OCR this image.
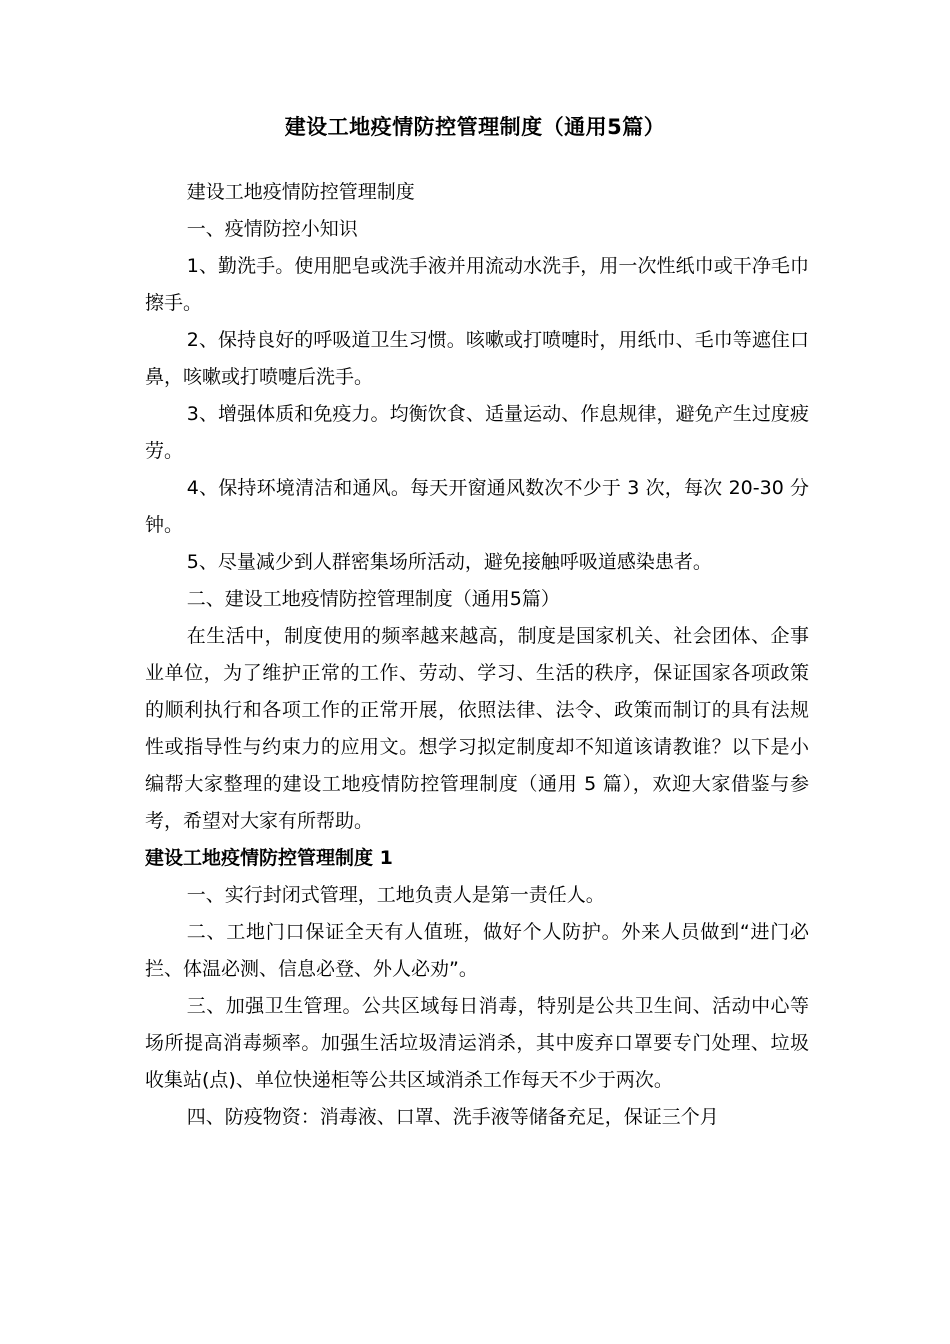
建设工地疫情防控管理制度（通用5篇）

建设工地疫情防控管理制度

一、疫情防控小知识

1、勤洗手。使用肥皂或洗手液并用流动水洗手，用一次性纸巾或干净毛巾擦手。

2、保持良好的呼吸道卫生习惯。咳嗽或打喷嚏时，用纸巾、毛巾等遮住口鼻，咳嗽或打喷嚏后洗手。

3、增强体质和免疫力。均衡饮食、适量运动、作息规律，避免产生过度疲劳。

4、保持环境清洁和通风。每天开窗通风数次不少于 3 次，每次 20-30 分钟。

5、尽量减少到人群密集场所活动，避免接触呼吸道感染患者。

二、建设工地疫情防控管理制度（通用5篇）

在生活中，制度使用的频率越来越高，制度是国家机关、社会团体、企事业单位，为了维护正常的工作、劳动、学习、生活的秩序，保证国家各项政策的顺利执行和各项工作的正常开展，依照法律、法令、政策而制订的具有法规性或指导性与约束力的应用文。想学习拟定制度却不知道该请教谁？以下是小编帮大家整理的建设工地疫情防控管理制度（通用 5 篇），欢迎大家借鉴与参考，希望对大家有所帮助。

建设工地疫情防控管理制度 1

一、实行封闭式管理，工地负责人是第一责任人。

二、工地门口保证全天有人值班，做好个人防护。外来人员做到“进门必拦、体温必测、信息必登、外人必劝”。

三、加强卫生管理。公共区域每日消毒，特别是公共卫生间、活动中心等场所提高消毒频率。加强生活垃圾清运消杀，其中废弃口罩要专门处理、垃圾收集站(点)、单位快递柜等公共区域消杀工作每天不少于两次。

四、防疫物资：消毒液、口罩、洗手液等储备充足，保证三个月
